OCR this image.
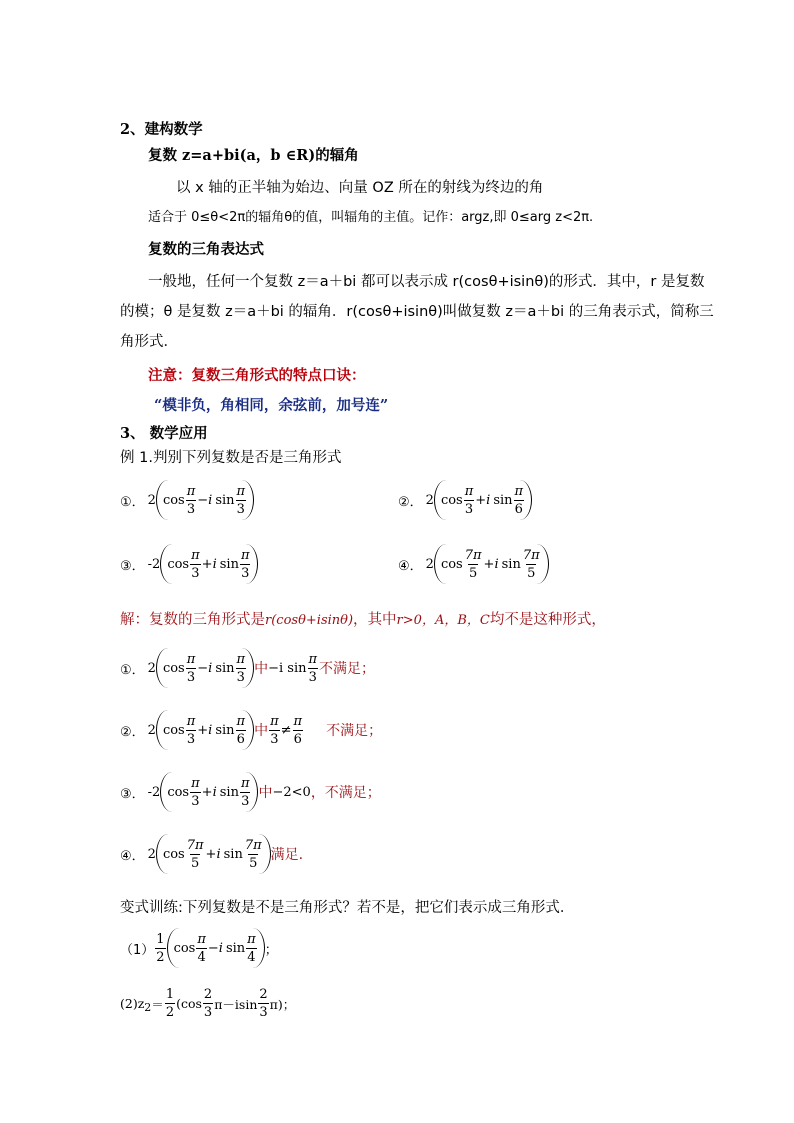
2、建构数学
复数 z=a+bi(a，b ∈R)的辐角
以 x 轴的正半轴为始边、向量 OZ 所在的射线为终边的角
适合于 0≤θ<2π的辐角θ的值，叫辐角的主值。记作：argz,即 0≤arg z<2π.
复数的三角表达式
一般地，任何一个复数 z＝a＋bi 都可以表示成 r(cosθ+isinθ)的形式．其中，r 是复数
的模；θ 是复数 z＝a＋bi 的辐角．r(cosθ+isinθ)叫做复数 z＝a＋bi 的三角表示式，简称三
角形式．
注意：复数三角形式的特点口诀：
“模非负，角相同，余弦前，加号连”
3、 数学应用
例 1.判别下列复数是否是三角形式
①． 2 $\cos \frac{\pi}{3} - i$ $\sin \frac{\pi}{3}$	②． 2 $\cos \frac{\pi}{3} + i$ $\sin \frac{\pi}{6}$
③． -2 $\cos \frac{\pi}{3} + i$ $\sin \frac{\pi}{3}$	④． 2 $\cos \frac{7\pi}{5} + i$ $\sin \frac{7\pi}{5}$
解：复数的三角形式是r(cosθ+isinθ)，其中r>0，A，B，C均不是这种形式，
①． 2 $\cos \frac{\pi}{3} - i$ $\sin \frac{\pi}{3}$ 中 −i $\sin \frac{\pi}{3}$ 不满足；
②． 2 $\cos \frac{\pi}{3} + i$ $\sin \frac{\pi}{6}$ 中 $\frac{\pi}{3} \ne \frac{\pi}{6}$ 不满足；
③． -2 $\cos \frac{\pi}{3} + i$ $\sin \frac{\pi}{3}$ 中 −2<0 ，不满足；
④． 2 $\cos \frac{7\pi}{5} + i$ $\sin \frac{7\pi}{5}$ 满足.
变式训练:下列复数是不是三角形式？若不是，把它们表示成三角形式．
$(1) \frac{1}{2}$ $\cos \frac{\pi}{4} - i$ $\sin \frac{\pi}{4}$ ；
(2)z $2 = \frac{1}{2} (\cos \frac{2}{3} \pi-isin \frac{2}{3} \pi)$；
